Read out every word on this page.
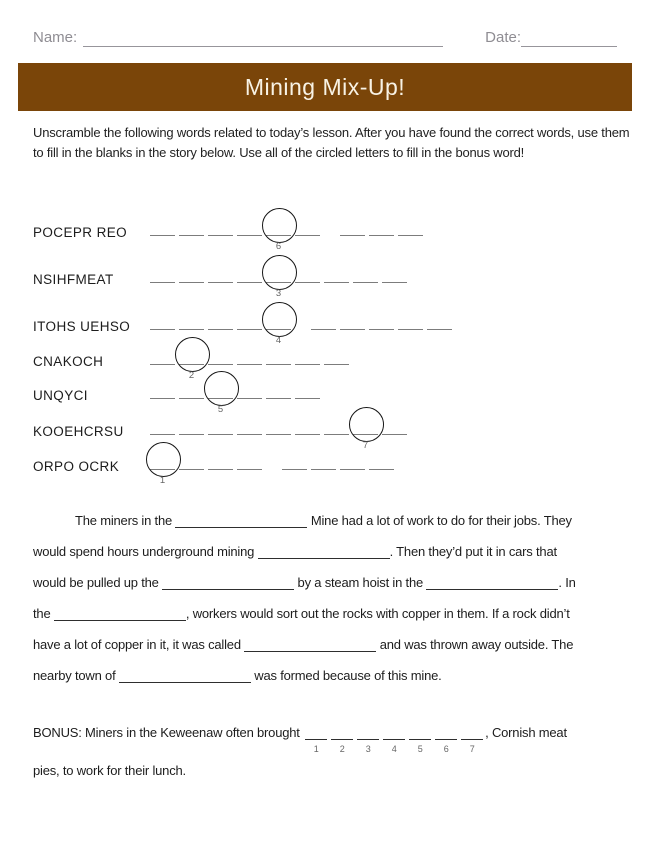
Name:	Date:
Mining Mix-Up!
Unscramble the following words related to today’s lesson. After you have found the correct words, use them to fill in the blanks in the story below. Use all of the circled letters to fill in the bonus word!
POCEPR REO
6
NSIHFMEAT
3
ITOHS UEHSO
4
CNAKOCH
2
UNQYCI
5
KOOEHCRSU
7
ORPO OCRK
1
The miners in the	Mine had a lot of work to do for their jobs. They
would spend hours underground mining	. Then they’d put it in cars that
would be pulled up the	by a steam hoist in the	. In
the	, workers would sort out the rocks with copper in them. If a rock didn’t
have a lot of copper in it, it was called	and was thrown away outside. The
nearby town of	was formed because of this mine.
BONUS: Miners in the Keweenaw often brought
1	2	3	4	5	6	7
, Cornish meat
pies, to work for their lunch.
